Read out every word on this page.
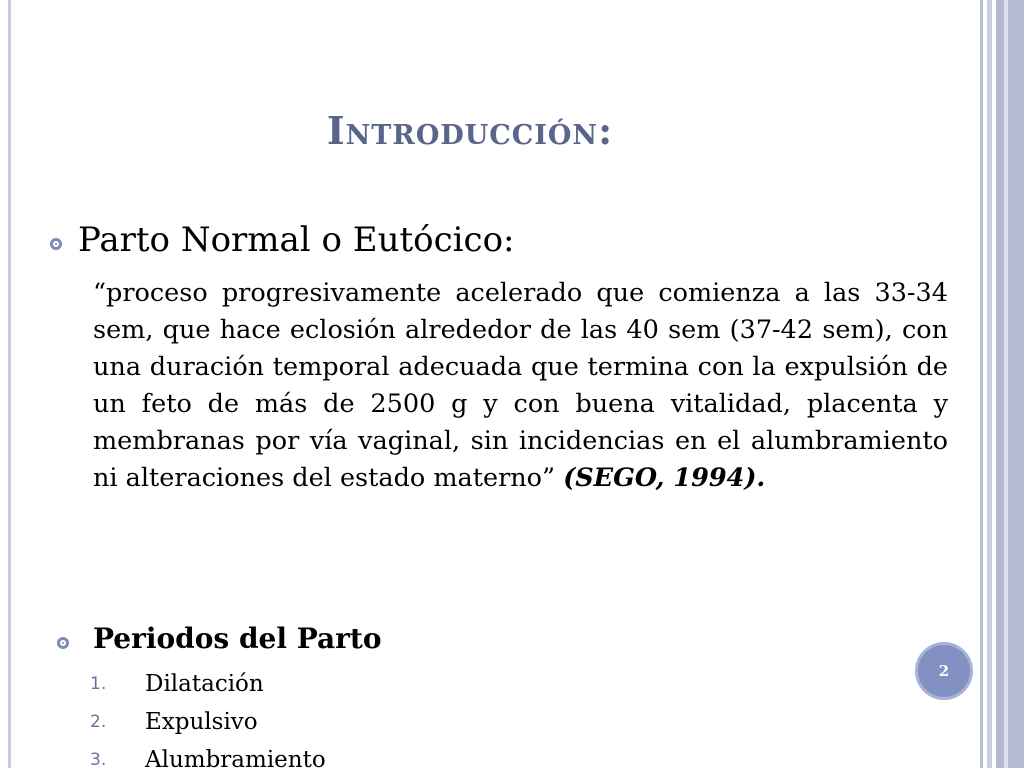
Introducción:
Parto Normal o Eutócico:
“proceso progresivamente acelerado que comienza a las 33-34 sem, que hace eclosión alrededor de las 40 sem (37-42 sem), con una duración temporal adecuada que termina con la expulsión de un feto de más de 2500 g y con buena vitalidad, placenta y membranas por vía vaginal, sin incidencias en el alumbramiento ni alteraciones del estado materno” (SEGO, 1994).
Periodos del Parto
1. Dilatación
2. Expulsivo
3. Alumbramiento
2
